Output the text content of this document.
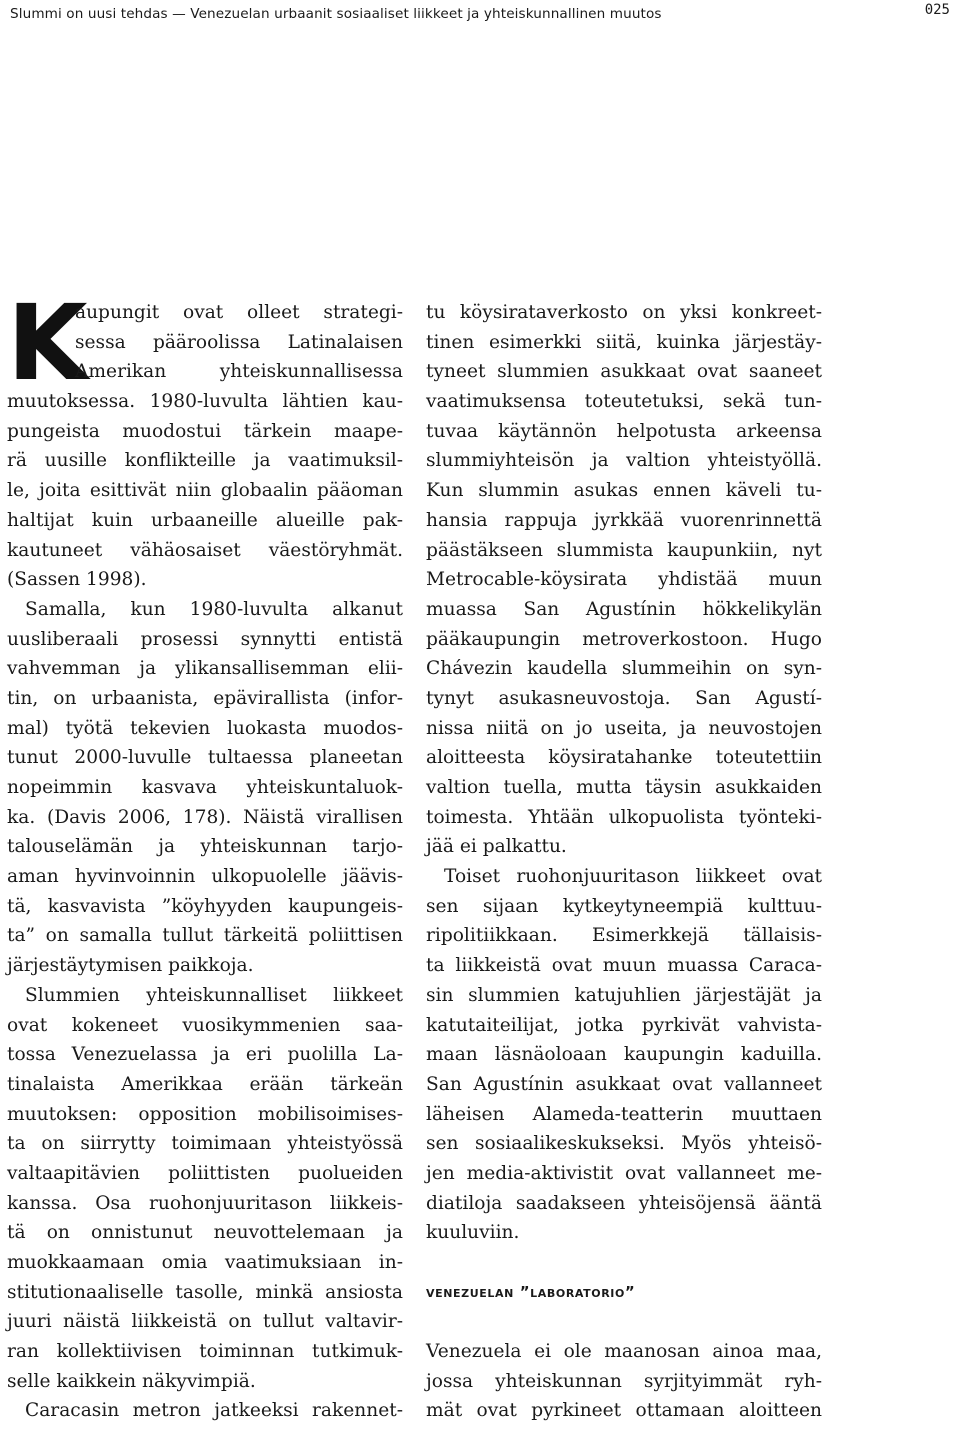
Slummi on uusi tehdas — Venezuelan urbaanit sosiaaliset liikkeet ja yhteiskunnallinen muutos	025
K
aupungit ovat olleet strategi-
sessa pääroolissa Latinalaisen
Amerikan yhteiskunnallisessa
muutoksessa. 1980-luvulta lähtien kau-
pungeista muodostui tärkein maape-
rä uusille konflikteille ja vaatimuksil-
le, joita esittivät niin globaalin pääoman
haltijat kuin urbaaneille alueille pak-
kautuneet vähäosaiset väestöryhmät.
(Sassen 1998).
Samalla, kun 1980-luvulta alkanut
uusliberaali prosessi synnytti entistä
vahvemman ja ylikansallisemman elii-
tin, on urbaanista, epävirallista (infor-
mal) työtä tekevien luokasta muodos-
tunut 2000-luvulle tultaessa planeetan
nopeimmin kasvava yhteiskuntaluok-
ka. (Davis 2006, 178). Näistä virallisen
talouselämän ja yhteiskunnan tarjo-
aman hyvinvoinnin ulkopuolelle jäävis-
tä, kasvavista ”köyhyyden kaupungeis-
ta” on samalla tullut tärkeitä poliittisen
järjestäytymisen paikkoja.
Slummien yhteiskunnalliset liikkeet
ovat kokeneet vuosikymmenien saa-
tossa Venezuelassa ja eri puolilla La-
tinalaista Amerikkaa erään tärkeän
muutoksen: opposition mobilisoimises-
ta on siirrytty toimimaan yhteistyössä
valtaapitävien poliittisten puolueiden
kanssa. Osa ruohonjuuritason liikkeis-
tä on onnistunut neuvottelemaan ja
muokkaamaan omia vaatimuksiaan in-
stitutionaaliselle tasolle, minkä ansiosta
juuri näistä liikkeistä on tullut valtavir-
ran kollektiivisen toiminnan tutkimuk-
selle kaikkein näkyvimpiä.
Caracasin metron jatkeeksi rakennet-
tu köysirataverkosto on yksi konkreet-
tinen esimerkki siitä, kuinka järjestäy-
tyneet slummien asukkaat ovat saaneet
vaatimuksensa toteutetuksi, sekä tun-
tuvaa käytännön helpotusta arkeensa
slummiyhteisön ja valtion yhteistyöllä.
Kun slummin asukas ennen käveli tu-
hansia rappuja jyrkkää vuorenrinnettä
päästäkseen slummista kaupunkiin, nyt
Metrocable-köysirata yhdistää muun
muassa San Agustínin hökkelikylän
pääkaupungin metroverkostoon. Hugo
Chávezin kaudella slummeihin on syn-
tynyt asukasneuvostoja. San Agustí-
nissa niitä on jo useita, ja neuvostojen
aloitteesta köysiratahanke toteutettiin
valtion tuella, mutta täysin asukkaiden
toimesta. Yhtään ulkopuolista työnteki-
jää ei palkattu.
Toiset ruohonjuuritason liikkeet ovat
sen sijaan kytkeytyneempiä kulttuu-
ripolitiikkaan. Esimerkkejä tällaisis-
ta liikkeistä ovat muun muassa Caraca-
sin slummien katujuhlien järjestäjät ja
katutaiteilijat, jotka pyrkivät vahvista-
maan läsnäoloaan kaupungin kaduilla.
San Agustínin asukkaat ovat vallanneet
läheisen Alameda-teatterin muuttaen
sen sosiaalikeskukseksi. Myös yhteisö-
jen media-aktivistit ovat vallanneet me-
diatiloja saadakseen yhteisöjensä ääntä
kuuluviin.
venezuelan ”laboratorio”
Venezuela ei ole maanosan ainoa maa,
jossa yhteiskunnan syrjityimmät ryh-
mät ovat pyrkineet ottamaan aloitteen
